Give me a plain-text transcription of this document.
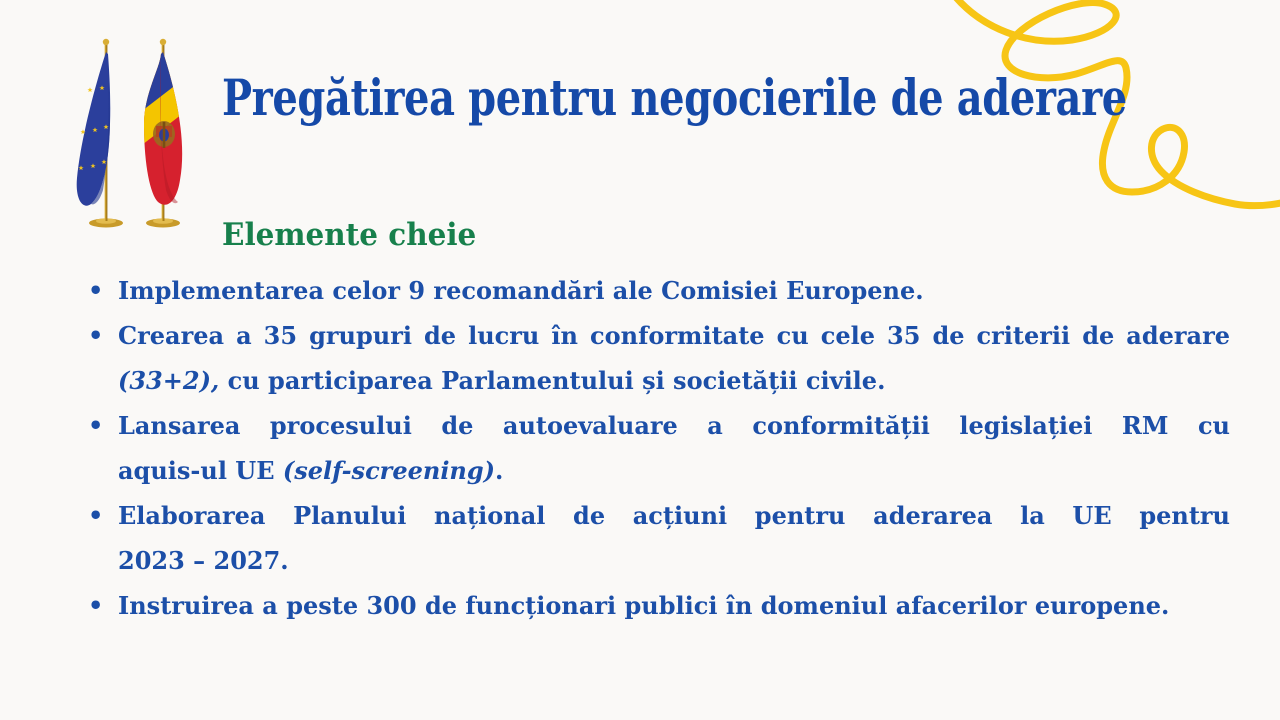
Pregătirea pentru negocierile de aderare
Elemente cheie
• Implementarea celor 9 recomandări ale Comisiei Europene.
• Crearea a 35 grupuri de lucru în conformitate cu cele 35 de criterii de aderare
(33+2), cu participarea Parlamentului și societății civile.
• Lansarea procesului de autoevaluare a conformității legislației RM cu
aquis-ul UE (self-screening).
• Elaborarea Planului național de acțiuni pentru aderarea la UE pentru
2023 – 2027.
• Instruirea a peste 300 de funcționari publici în domeniul afacerilor europene.
